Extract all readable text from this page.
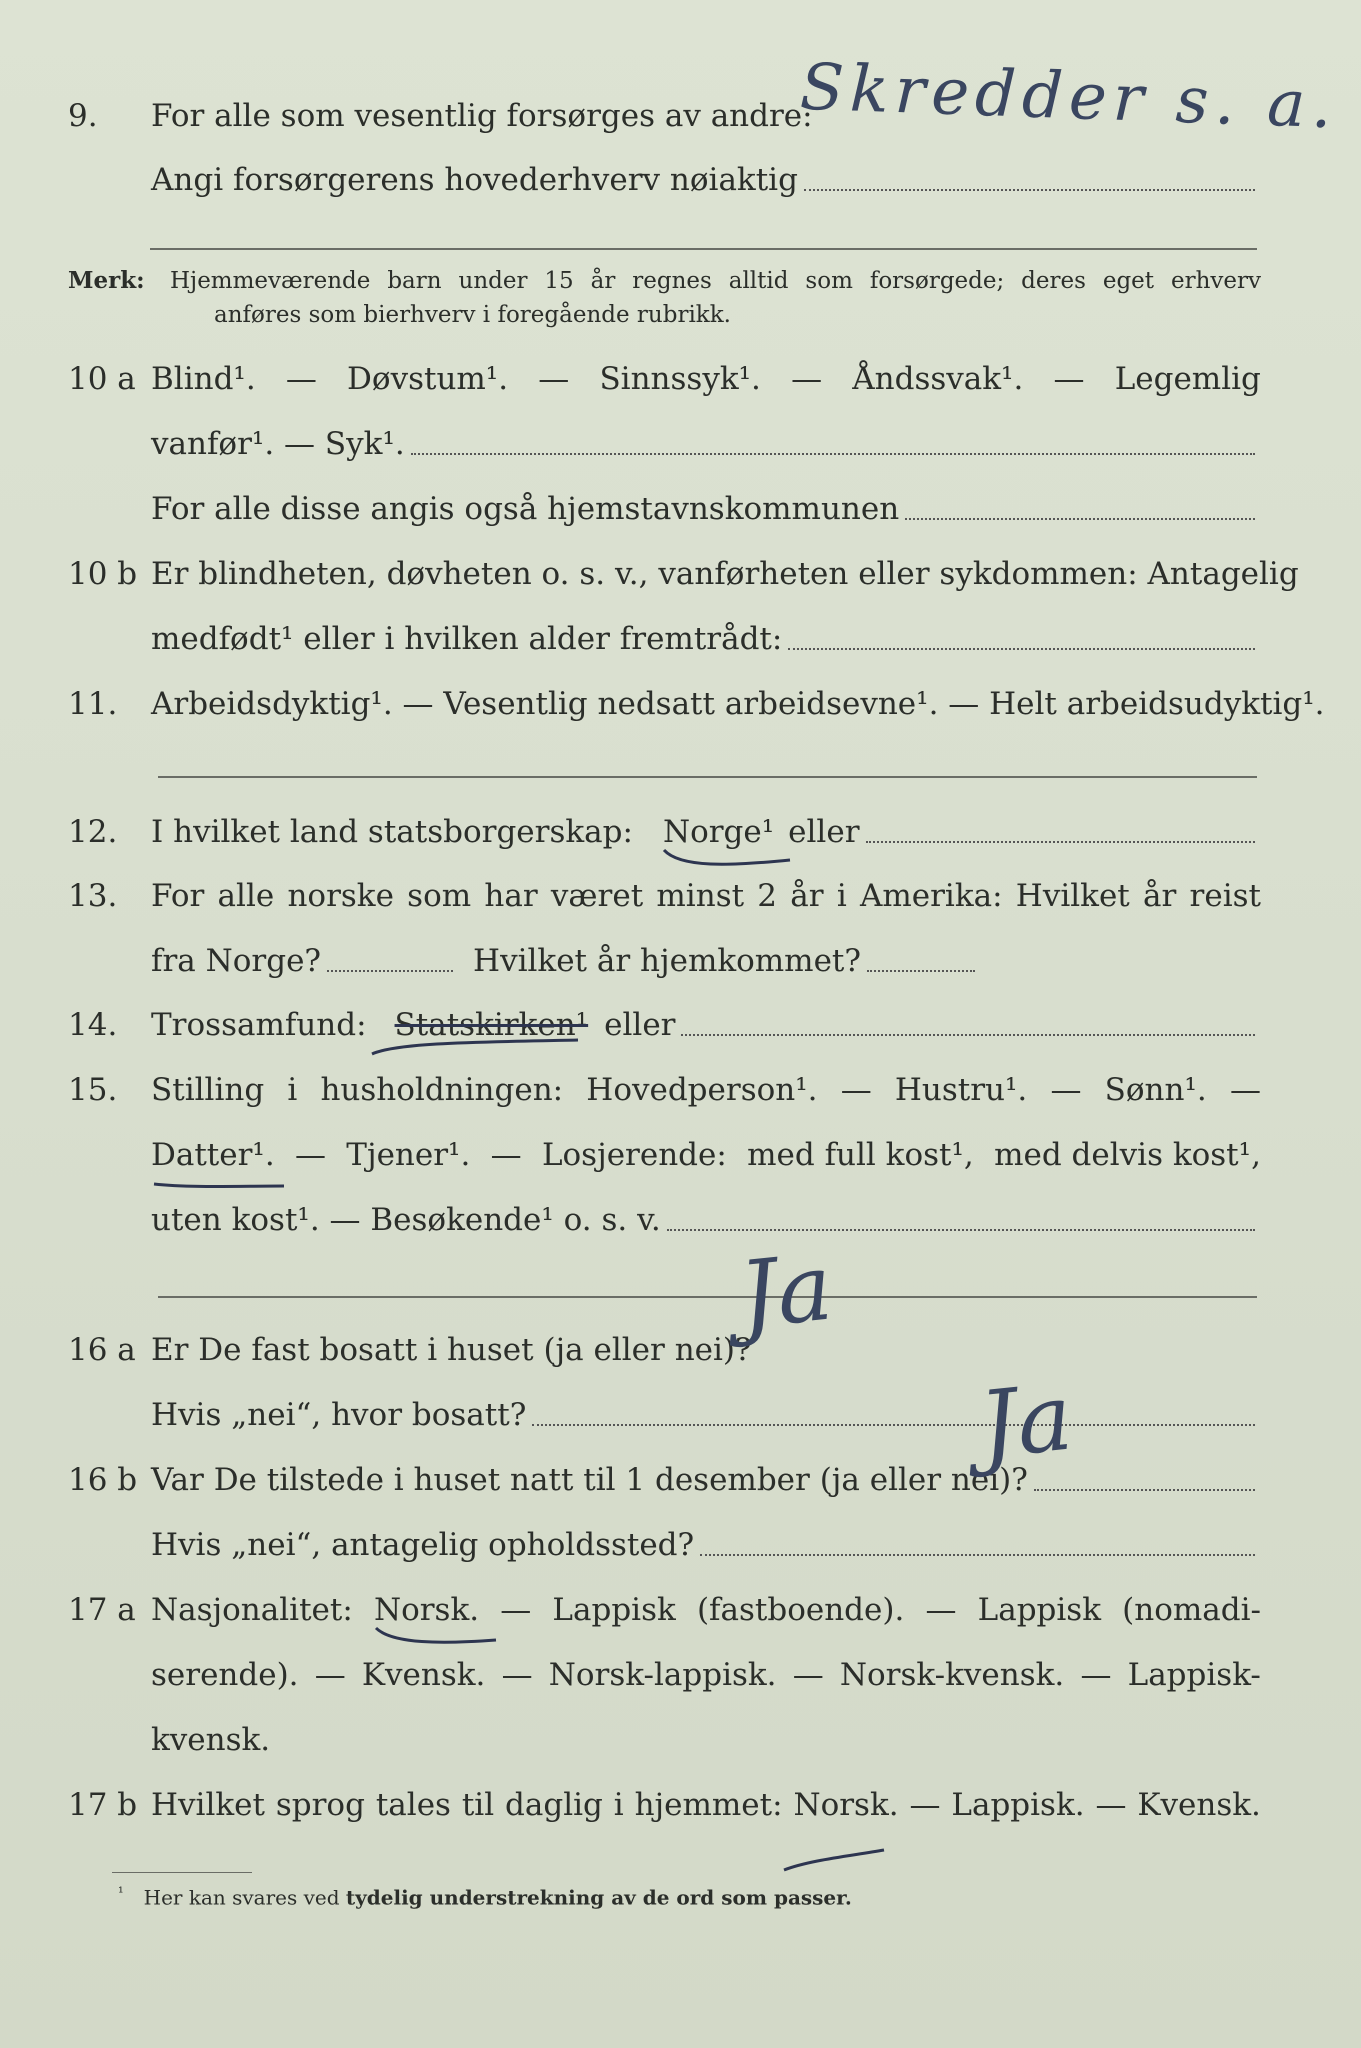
9.	For alle som vesentlig forsørges av andre:
Angi forsørgerens hovederhverv nøiaktig
Skredder s. a.
Merk: Hjemmeværende barn under 15 år regnes alltid som forsørgede; deres eget erhverv
anføres som bierhverv i foregående rubrikk.
10 a Blind¹. — Døvstum¹. — Sinnssyk¹. — Åndssvak¹. — Legemlig
vanfør¹. — Syk¹.
For alle disse angis også hjemstavnskommunen
10 b Er blindheten, døvheten o. s. v., vanførheten eller sykdommen: Antagelig
medfødt¹ eller i hvilken alder fremtrådt:
11.	Arbeidsdyktig¹. — Vesentlig nedsatt arbeidsevne¹. — Helt arbeidsudyktig¹.
12.	I hvilket land statsborgerskap: Norge¹ eller
13.	For alle norske som har været minst 2 år i Amerika: Hvilket år reist
fra Norge?	Hvilket år hjemkommet?
14.	Trossamfund: Statskirken¹ eller
15.	Stilling i husholdningen: Hovedperson¹. — Hustru¹. — Sønn¹. —
Datter¹. — Tjener¹. — Losjerende: med full kost¹, med delvis kost¹,
uten kost¹. — Besøkende¹ o. s. v.
16 a Er De fast bosatt i huset (ja eller nei)?
Ja
Hvis „nei“, hvor bosatt?
16 b Var De tilstede i huset natt til 1 desember (ja eller nei)?
Ja
Hvis „nei“, antagelig opholdssted?
17 a Nasjonalitet: Norsk. — Lappisk (fastboende). — Lappisk (nomadi-
serende). — Kvensk. — Norsk-lappisk. — Norsk-kvensk. — Lappisk-
kvensk.
17 b Hvilket sprog tales til daglig i hjemmet: Norsk. — Lappisk. — Kvensk.
$^{^1}$ Her kan svares ved tydelig understrekning av de ord som passer.
